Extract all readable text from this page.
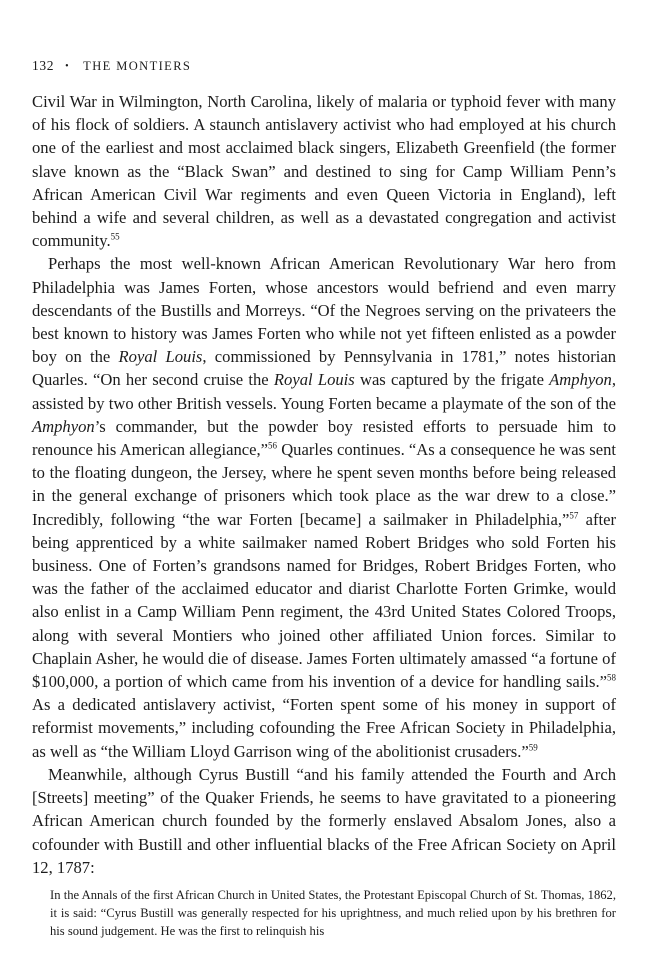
132 • THE MONTIERS

Civil War in Wilmington, North Carolina, likely of malaria or typhoid fever with many of his flock of soldiers. A staunch antislavery activist who had employed at his church one of the earliest and most acclaimed black singers, Elizabeth Greenfield (the former slave known as the “Black Swan” and destined to sing for Camp William Penn’s African American Civil War regiments and even Queen Victoria in England), left behind a wife and several children, as well as a devastated congregation and activist community.$^{55}$

Perhaps the most well-known African American Revolutionary War hero from Philadelphia was James Forten, whose ancestors would befriend and even marry descendants of the Bustills and Morreys. “Of the Negroes serving on the privateers the best known to history was James Forten who while not yet fifteen enlisted as a powder boy on the Royal Louis, commissioned by Pennsylvania in 1781,” notes historian Quarles. “On her second cruise the Royal Louis was captured by the frigate Amphyon, assisted by two other British vessels. Young Forten became a playmate of the son of the Amphyon’s commander, but the powder boy resisted efforts to persuade him to renounce his American allegiance,”$^{56}$ Quarles continues. “As a consequence he was sent to the floating dungeon, the Jersey, where he spent seven months before being released in the general exchange of prisoners which took place as the war drew to a close.” Incredibly, following “the war Forten [became] a sailmaker in Philadelphia,”$^{57}$ after being apprenticed by a white sailmaker named Robert Bridges who sold Forten his business. One of Forten’s grandsons named for Bridges, Robert Bridges Forten, who was the father of the acclaimed educator and diarist Charlotte Forten Grimke, would also enlist in a Camp William Penn regiment, the 43rd United States Colored Troops, along with several Montiers who joined other affiliated Union forces. Similar to Chaplain Asher, he would die of disease. James Forten ultimately amassed “a fortune of $100,000, a portion of which came from his invention of a device for handling sails.”$^{58}$ As a dedicated antislavery activist, “Forten spent some of his money in support of reformist movements,” including cofounding the Free African Society in Philadelphia, as well as “the William Lloyd Garrison wing of the abolitionist crusaders.”$^{59}$

Meanwhile, although Cyrus Bustill “and his family attended the Fourth and Arch [Streets] meeting” of the Quaker Friends, he seems to have gravitated to a pioneering African American church founded by the formerly enslaved Absalom Jones, also a cofounder with Bustill and other influential blacks of the Free African Society on April 12, 1787:

In the Annals of the first African Church in United States, the Protestant Episcopal Church of St. Thomas, 1862, it is said: “Cyrus Bustill was generally respected for his uprightness, and much relied upon by his brethren for his sound judgement. He was the first to relinquish his
